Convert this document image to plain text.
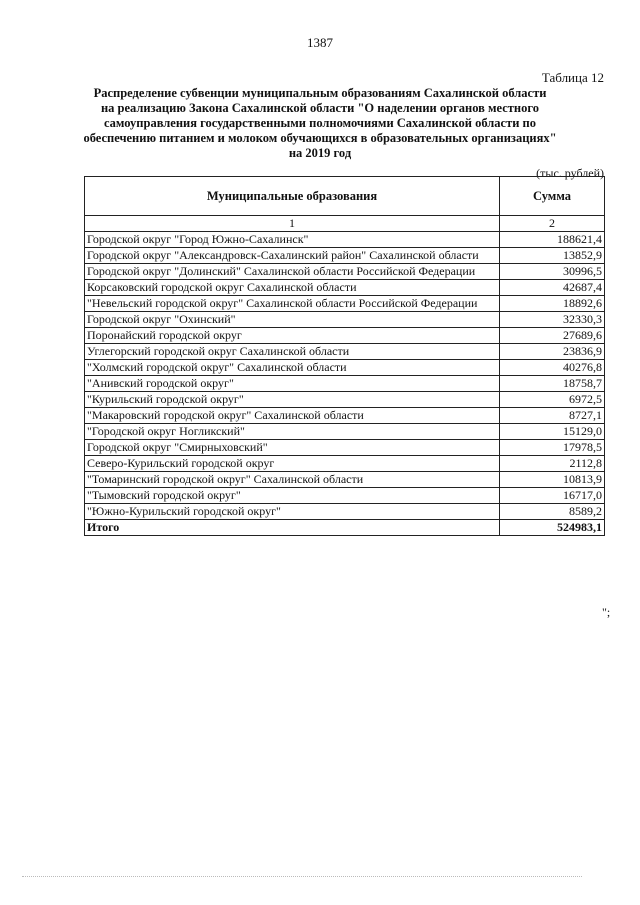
1387
Таблица 12
Распределение субвенции муниципальным образованиям Сахалинской области
на реализацию Закона Сахалинской области "О наделении органов местного
самоуправления государственными полномочиями Сахалинской области по
обеспечению питанием и молоком обучающихся в образовательных организациях"
на 2019 год
(тыс. рублей)
Муниципальные образования	Сумма
1	2
Городской округ "Город Южно-Сахалинск"	188621,4
Городской округ "Александровск-Сахалинский район" Сахалинской области	13852,9
Городской округ "Долинский" Сахалинской области Российской Федерации	30996,5
Корсаковский городской округ Сахалинской области	42687,4
"Невельский городской округ" Сахалинской области Российской Федерации	18892,6
Городской округ "Охинский"	32330,3
Поронайский городской округ	27689,6
Углегорский городской округ Сахалинской области	23836,9
"Холмский городской округ" Сахалинской области	40276,8
"Анивский городской округ"	18758,7
"Курильский городской округ"	6972,5
"Макаровский городской округ" Сахалинской области	8727,1
"Городской округ Ногликский"	15129,0
Городской округ "Смирныховский"	17978,5
Северо-Курильский городской округ	2112,8
"Томаринский городской округ" Сахалинской области	10813,9
"Тымовский городской округ"	16717,0
"Южно-Курильский городской округ"	8589,2
Итого	524983,1
";
